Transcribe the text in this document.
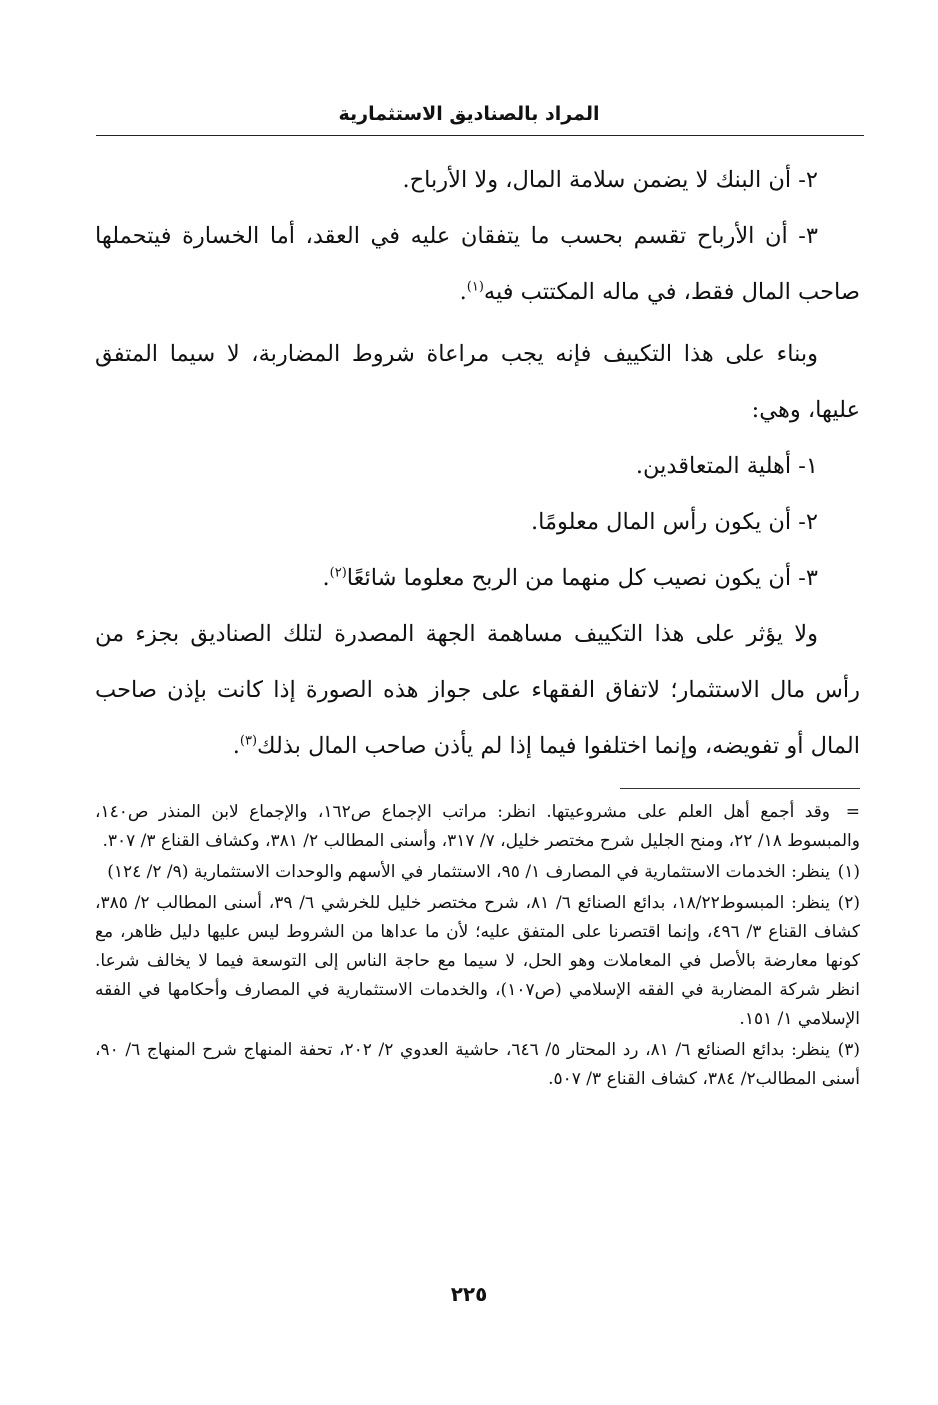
المراد بالصناديق الاستثمارية

٢- أن البنك لا يضمن سلامة المال، ولا الأرباح.

٣- أن الأرباح تقسم بحسب ما يتفقان عليه في العقد، أما الخسارة فيتحملها صاحب المال فقط، في ماله المكتتب فيه$^{(١)}$.

وبناء على هذا التكييف فإنه يجب مراعاة شروط المضاربة، لا سيما المتفق عليها، وهي:

١- أهلية المتعاقدين.

٢- أن يكون رأس المال معلومًا.

٣- أن يكون نصيب كل منهما من الربح معلوما شائعًا$^{(٢)}$.

ولا يؤثر على هذا التكييف مساهمة الجهة المصدرة لتلك الصناديق بجزء من رأس مال الاستثمار؛ لاتفاق الفقهاء على جواز هذه الصورة إذا كانت بإذن صاحب المال أو تفويضه، وإنما اختلفوا فيما إذا لم يأذن صاحب المال بذلك$^{(٣)}$.

=وقد أجمع أهل العلم على مشروعيتها. انظر: مراتب الإجماع ص١٦٢، والإجماع لابن المنذر ص١٤٠، والمبسوط ١٨/ ٢٢، ومنح الجليل شرح مختصر خليل، ٧/ ٣١٧، وأسنى المطالب ٢/ ٣٨١، وكشاف القناع ٣/ ٣٠٧.

(١)ينظر: الخدمات الاستثمارية في المصارف ١/ ٩٥، الاستثمار في الأسهم والوحدات الاستثمارية (٩/ ٢/ ١٢٤)

(٢)ينظر: المبسوط١٨/٢٢، بدائع الصنائع ٦/ ٨١، شرح مختصر خليل للخرشي ٦/ ٣٩، أسنى المطالب ٢/ ٣٨٥، كشاف القناع ٣/ ٤٩٦، وإنما اقتصرنا على المتفق عليه؛ لأن ما عداها من الشروط ليس عليها دليل ظاهر، مع كونها معارضة بالأصل في المعاملات وهو الحل، لا سيما مع حاجة الناس إلى التوسعة فيما لا يخالف شرعا. انظر شركة المضاربة في الفقه الإسلامي (ص١٠٧)، والخدمات الاستثمارية في المصارف وأحكامها في الفقه الإسلامي ١/ ١٥١.

(٣)ينظر: بدائع الصنائع ٦/ ٨١، رد المحتار ٥/ ٦٤٦، حاشية العدوي ٢/ ٢٠٢، تحفة المنهاج شرح المنهاج ٦/ ٩٠، أسنى المطالب٢/ ٣٨٤، كشاف القناع ٣/ ٥٠٧.

٢٢٥
